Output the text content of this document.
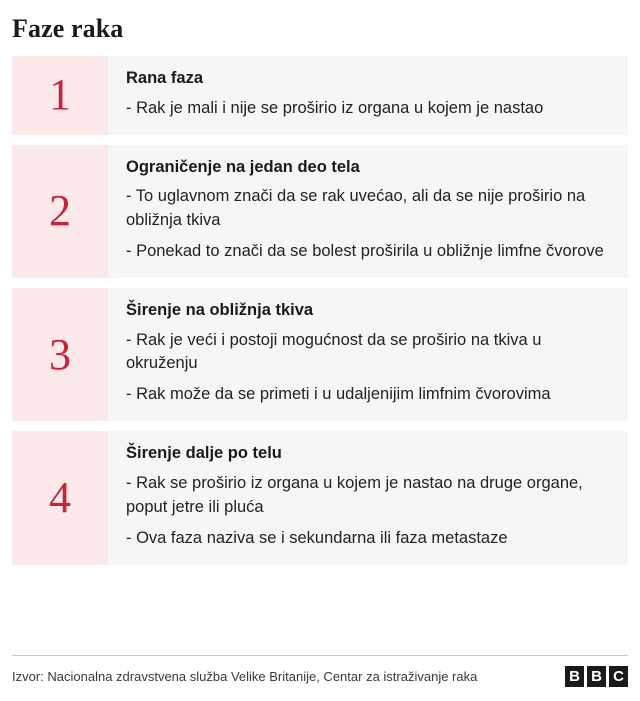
Faze raka
1	Rana faza
- Rak je mali i nije se proširio iz organa u kojem je nastao
2
Ograničenje na jedan deo tela
- To uglavnom znači da se rak uvećao, ali da se nije proširio na obližnja tkiva
- Ponekad to znači da se bolest proširila u obližnje limfne čvorove
3
Širenje na obližnja tkiva
- Rak je veći i postoji mogućnost da se proširio na tkiva u okruženju
- Rak može da se primeti i u udaljenijim limfnim čvorovima
4
Širenje dalje po telu
- Rak se proširio iz organa u kojem je nastao na druge organe, poput jetre ili pluća
- Ova faza naziva se i sekundarna ili faza metastaze
Izvor: Nacionalna zdravstvena služba Velike Britanije, Centar za istraživanje raka	B B C
